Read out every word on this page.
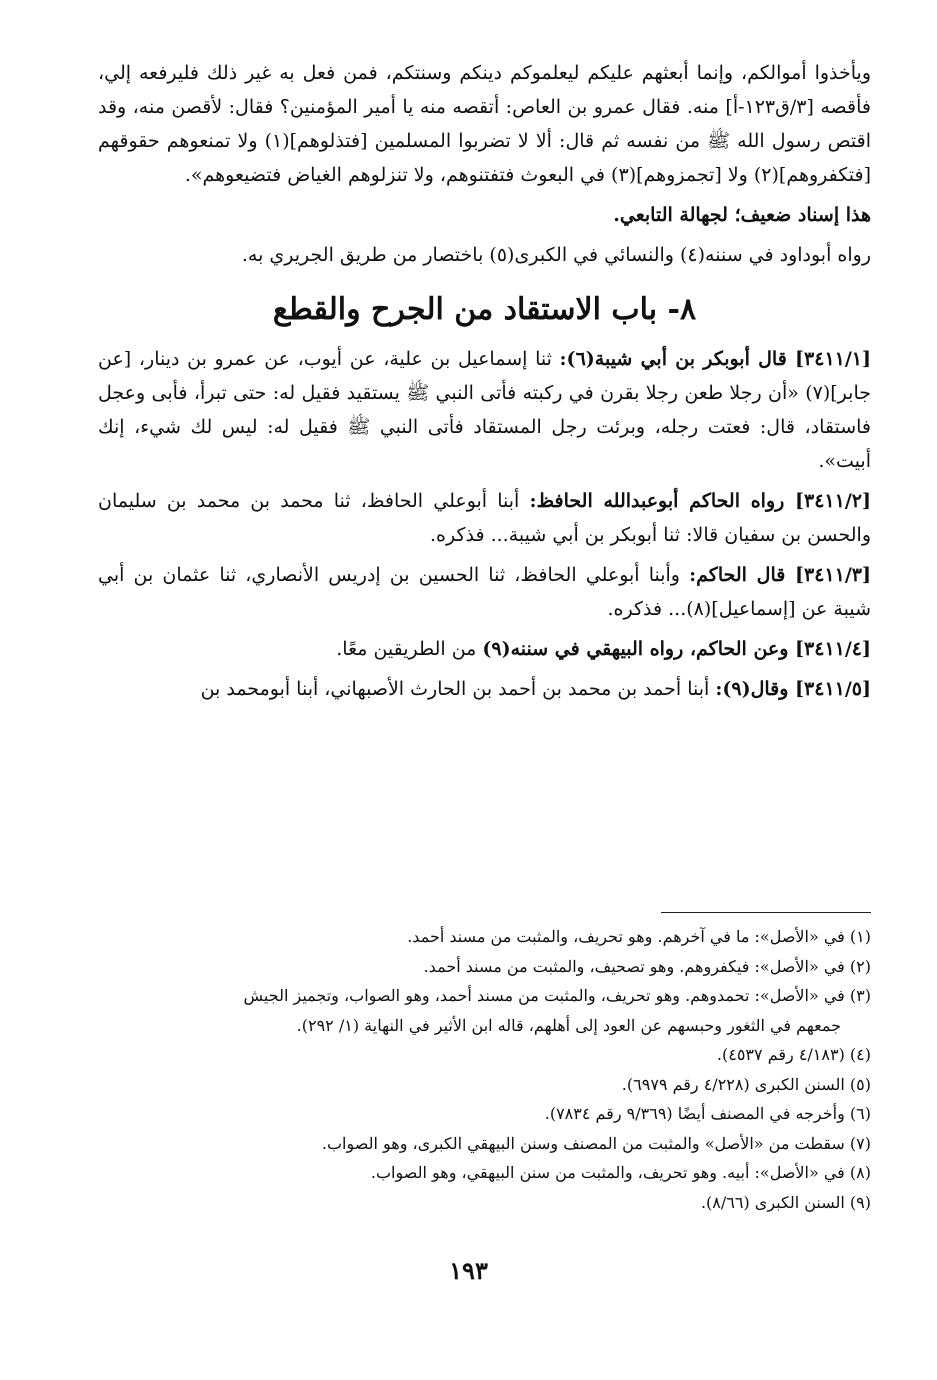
ويأخذوا أموالكم، وإنما أبعثهم عليكم ليعلموكم دينكم وسنتكم، فمن فعل به غير ذلك فليرفعه إلي، فأقصه [٣/ق١٢٣-أ] منه. فقال عمرو بن العاص: أتقصه منه يا أمير المؤمنين؟ فقال: لأقصن منه، وقد اقتص رسول الله ﷺ من نفسه ثم قال: ألا لا تضربوا المسلمين [فتذلوهم](١) ولا تمنعوهم حقوقهم [فتكفروهم](٢) ولا [تجمزوهم](٣) في البعوث فتفتنوهم، ولا تنزلوهم الغياض فتضيعوهم».

هذا إسناد ضعيف؛ لجهالة التابعي.

رواه أبوداود في سننه(٤) والنسائي في الكبرى(٥) باختصار من طريق الجريري به.

٨- باب الاستقاد من الجرح والقطع

[٣٤١١/١] قال أبوبكر بن أبي شيبة(٦): ثنا إسماعيل بن علية، عن أيوب، عن عمرو بن دينار، [عن جابر](٧) «أن رجلا طعن رجلا بقرن في ركبته فأتى النبي ﷺ يستقيد فقيل له: حتى تبرأ، فأبى وعجل فاستقاد، قال: فعتت رجله، وبرئت رجل المستقاد فأتى النبي ﷺ فقيل له: ليس لك شيء، إنك أبيت».

[٣٤١١/٢] رواه الحاكم أبوعبدالله الحافظ: أبنا أبوعلي الحافظ، ثنا محمد بن محمد بن سليمان والحسن بن سفيان قالا: ثنا أبوبكر بن أبي شيبة... فذكره.

[٣٤١١/٣] قال الحاكم: وأبنا أبوعلي الحافظ، ثنا الحسين بن إدريس الأنصاري، ثنا عثمان بن أبي شيبة عن [إسماعيل](٨)... فذكره.

[٣٤١١/٤] وعن الحاكم، رواه البيهقي في سننه(٩) من الطريقين معًا.

[٣٤١١/٥] وقال(٩): أبنا أحمد بن محمد بن أحمد بن الحارث الأصبهاني، أبنا أبومحمد بن

(١) في «الأصل»: ما في آخرهم. وهو تحريف، والمثبت من مسند أحمد.

(٢) في «الأصل»: فيكفروهم. وهو تصحيف، والمثبت من مسند أحمد.

(٣) في «الأصل»: تحمدوهم. وهو تحريف، والمثبت من مسند أحمد، وهو الصواب، وتجميز الجيش

جمعهم في الثغور وحبسهم عن العود إلى أهلهم، قاله ابن الأثير في النهاية (١/ ٢٩٢).

(٤) (٤/١٨٣ رقم ٤٥٣٧).

(٥) السنن الكبرى (٤/٢٢٨ رقم ٦٩٧٩).

(٦) وأخرجه في المصنف أيضًا (٩/٣٦٩ رقم ٧٨٣٤).

(٧) سقطت من «الأصل» والمثبت من المصنف وسنن البيهقي الكبرى، وهو الصواب.

(٨) في «الأصل»: أبيه. وهو تحريف، والمثبت من سنن البيهقي، وهو الصواب.

(٩) السنن الكبرى (٨/٦٦).

١٩٣
